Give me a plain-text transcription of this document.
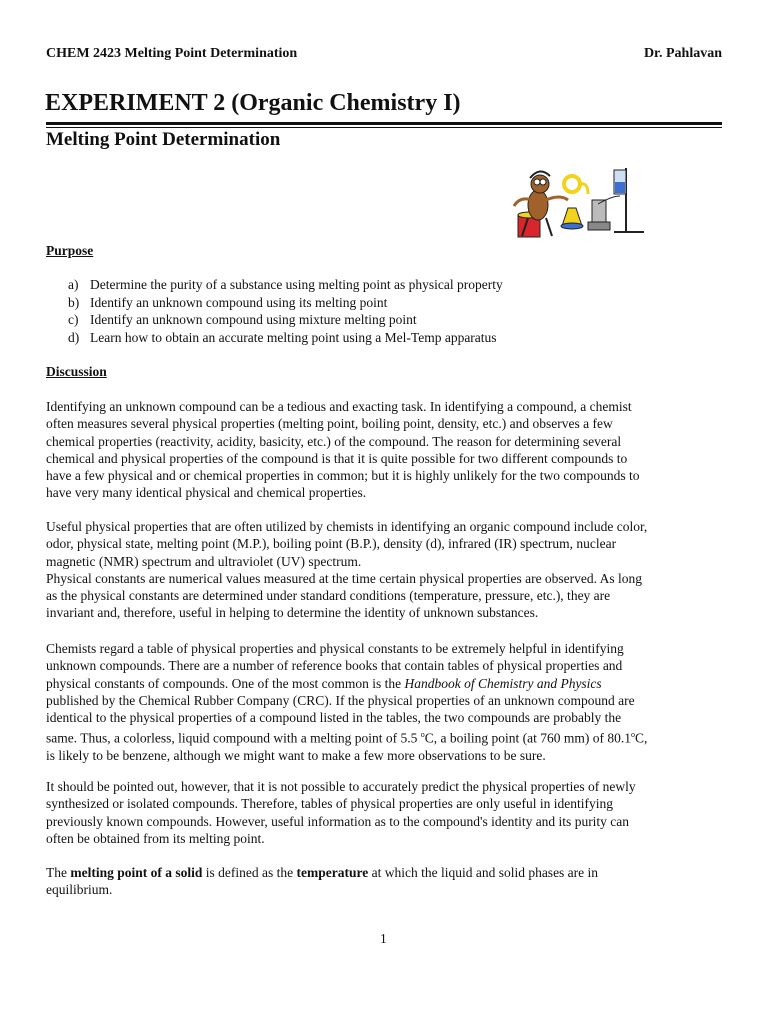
CHEM 2423 Melting Point Determination	Dr. Pahlavan
EXPERIMENT 2 (Organic Chemistry I)
Melting Point Determination
Purpose
a) Determine the purity of a substance using melting point as physical property
b) Identify an unknown compound using its melting point
c) Identify an unknown compound using mixture melting point
d) Learn how to obtain an accurate melting point using a Mel-Temp apparatus
Discussion
Identifying an unknown compound can be a tedious and exacting task. In identifying a compound, a chemist
often measures several physical properties (melting point, boiling point, density, etc.) and observes a few
chemical properties (reactivity, acidity, basicity, etc.) of the compound. The reason for determining several
chemical and physical properties of the compound is that it is quite possible for two different compounds to
have a few physical and or chemical properties in common; but it is highly unlikely for the two compounds to
have very many identical physical and chemical properties.
Useful physical properties that are often utilized by chemists in identifying an organic compound include color,
odor, physical state, melting point (M.P.), boiling point (B.P.), density (d), infrared (IR) spectrum, nuclear
magnetic (NMR) spectrum and ultraviolet (UV) spectrum.
Physical constants are numerical values measured at the time certain physical properties are observed. As long
as the physical constants are determined under standard conditions (temperature, pressure, etc.), they are
invariant and, therefore, useful in helping to determine the identity of unknown substances.
Chemists regard a table of physical properties and physical constants to be extremely helpful in identifying
unknown compounds. There are a number of reference books that contain tables of physical properties and
physical constants of compounds. One of the most common is the Handbook of Chemistry and Physics
published by the Chemical Rubber Company (CRC). If the physical properties of an unknown compound are
identical to the physical properties of a compound listed in the tables, the two compounds are probably the
same. Thus, a colorless, liquid compound with a melting point of 5.5 $^o$C, a boiling point (at 760 mm) of 80.1$^o$C,
is likely to be benzene, although we might want to make a few more observations to be sure.
It should be pointed out, however, that it is not possible to accurately predict the physical properties of newly
synthesized or isolated compounds. Therefore, tables of physical properties are only useful in identifying
previously known compounds. However, useful information as to the compound's identity and its purity can
often be obtained from its melting point.
The melting point of a solid is defined as the temperature at which the liquid and solid phases are in
equilibrium.
1
